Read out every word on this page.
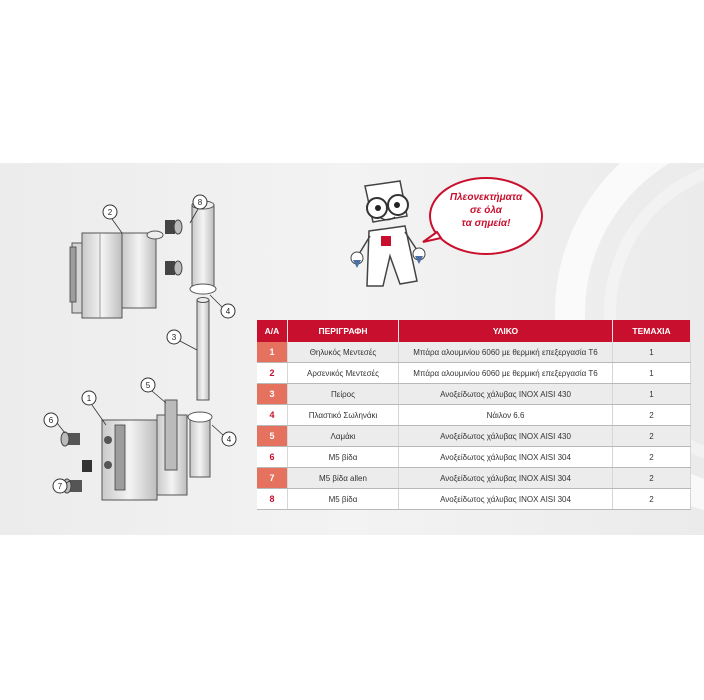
2
8
4
3
1
5
4
6
7
Πλεονεκτήματα
σε όλα
τα σημεία!
Α/Α	ΠΕΡΙΓΡΑΦΗ	ΥΛΙΚΟ	ΤΕΜΑΧΙΑ
1	Θηλυκός Μεντεσές	Μπάρα αλουμινίου 6060 με θερμική επεξεργασία Τ6	1
2	Αρσενικός Μεντεσές	Μπάρα αλουμινίου 6060 με θερμική επεξεργασία Τ6	1
3	Πείρος	Ανοξείδωτος χάλυβας INOX AISI 430	1
4	Πλαστικό Σωληνάκι	Νάιλον 6.6	2
5	Λαμάκι	Ανοξείδωτος χάλυβας INOX AISI 430	2
6	M5 βίδα	Ανοξείδωτος χάλυβας INOX AISI 304	2
7	M5 βίδα allen	Ανοξείδωτος χάλυβας INOX AISI 304	2
8	M5 βίδα	Ανοξείδωτος χάλυβας INOX AISI 304	2
